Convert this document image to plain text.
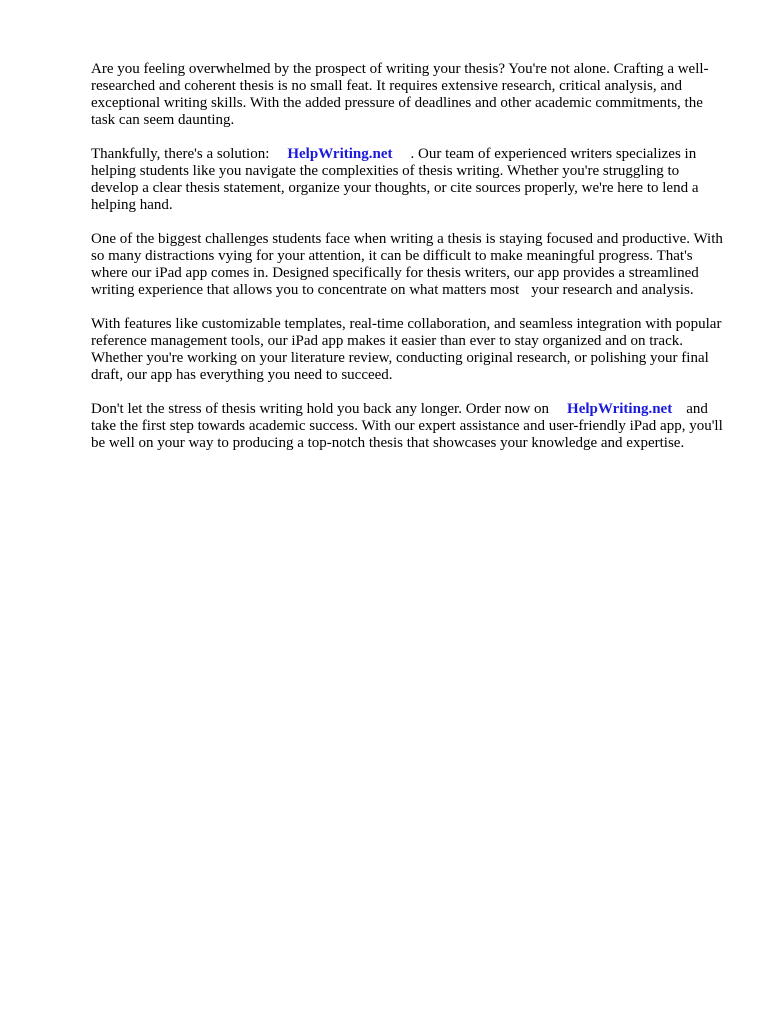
Are you feeling overwhelmed by the prospect of writing your thesis? You're not alone. Crafting a well-researched and coherent thesis is no small feat. It requires extensive research, critical analysis, and exceptional writing skills. With the added pressure of deadlines and other academic commitments, the task can seem daunting.

Thankfully, there's a solution: HelpWriting.net . Our team of experienced writers specializes in helping students like you navigate the complexities of thesis writing. Whether you're struggling to develop a clear thesis statement, organize your thoughts, or cite sources properly, we're here to lend a helping hand.

One of the biggest challenges students face when writing a thesis is staying focused and productive. With so many distractions vying for your attention, it can be difficult to make meaningful progress. That's where our iPad app comes in. Designed specifically for thesis writers, our app provides a streamlined writing experience that allows you to concentrate on what matters most your research and analysis.

With features like customizable templates, real-time collaboration, and seamless integration with popular reference management tools, our iPad app makes it easier than ever to stay organized and on track. Whether you're working on your literature review, conducting original research, or polishing your final draft, our app has everything you need to succeed.

Don't let the stress of thesis writing hold you back any longer. Order now on HelpWriting.net and take the first step towards academic success. With our expert assistance and user-friendly iPad app, you'll be well on your way to producing a top-notch thesis that showcases your knowledge and expertise.
